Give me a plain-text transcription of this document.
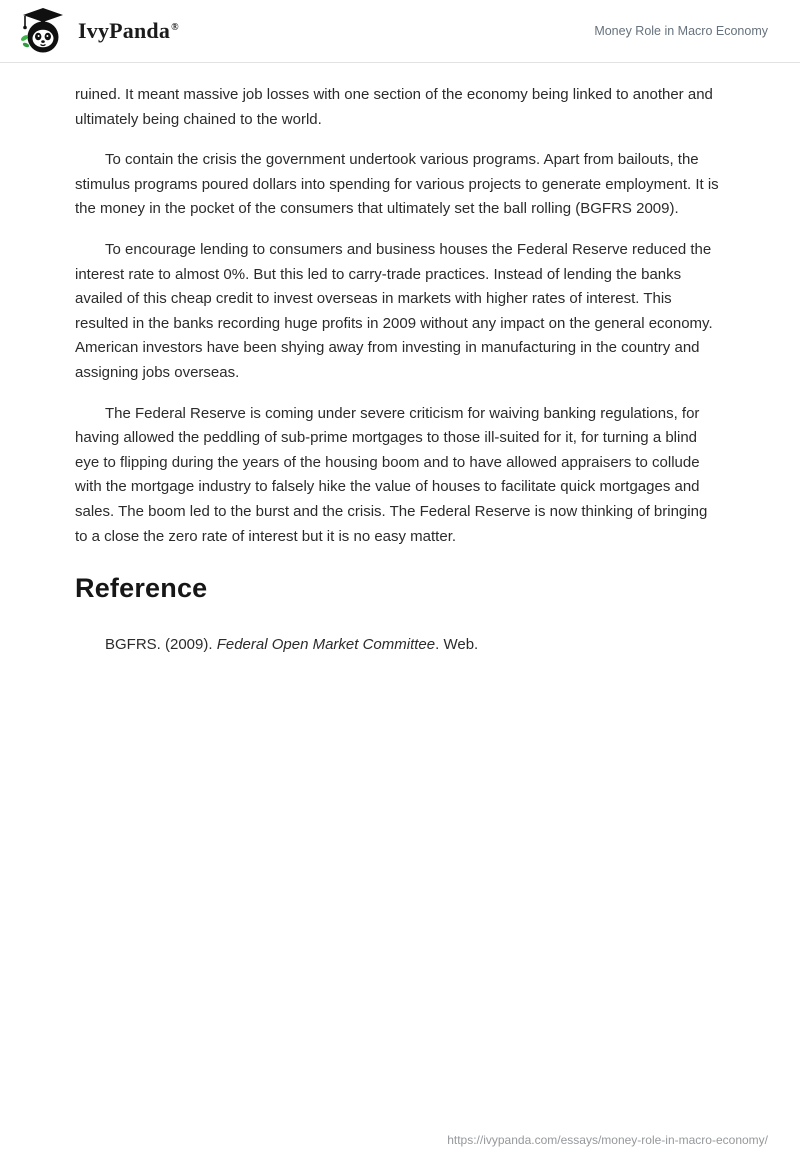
IvyPanda®	Money Role in Macro Economy

ruined. It meant massive job losses with one section of the economy being linked to another and ultimately being chained to the world.

To contain the crisis the government undertook various programs. Apart from bailouts, the stimulus programs poured dollars into spending for various projects to generate employment. It is the money in the pocket of the consumers that ultimately set the ball rolling (BGFRS 2009).

To encourage lending to consumers and business houses the Federal Reserve reduced the interest rate to almost 0%. But this led to carry-trade practices. Instead of lending the banks availed of this cheap credit to invest overseas in markets with higher rates of interest. This resulted in the banks recording huge profits in 2009 without any impact on the general economy. American investors have been shying away from investing in manufacturing in the country and assigning jobs overseas.

The Federal Reserve is coming under severe criticism for waiving banking regulations, for having allowed the peddling of sub-prime mortgages to those ill-suited for it, for turning a blind eye to flipping during the years of the housing boom and to have allowed appraisers to collude with the mortgage industry to falsely hike the value of houses to facilitate quick mortgages and sales. The boom led to the burst and the crisis. The Federal Reserve is now thinking of bringing to a close the zero rate of interest but it is no easy matter.

Reference

BGFRS. (2009). Federal Open Market Committee. Web.

https://ivypanda.com/essays/money-role-in-macro-economy/
